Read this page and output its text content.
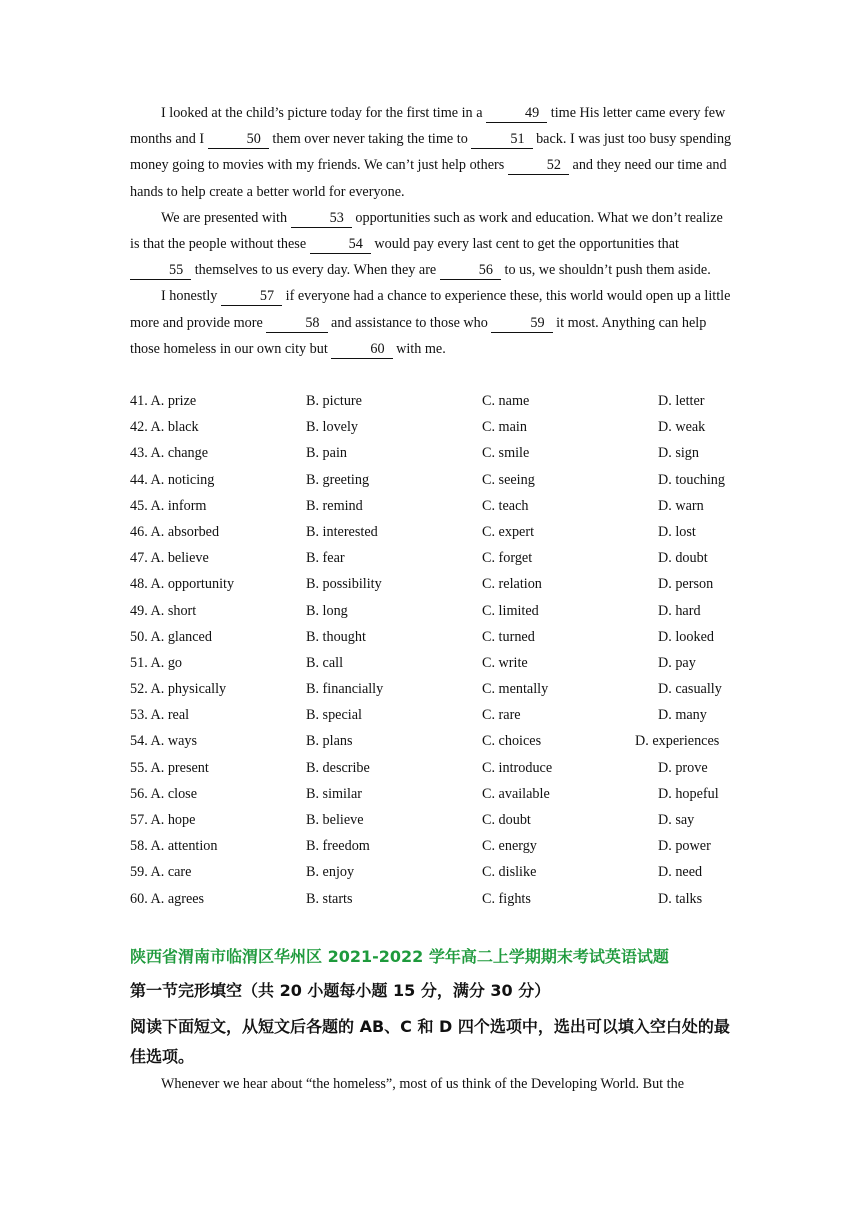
I looked at the child’s picture today for the first time in a	49 time His letter came every few months and I	50 them over never taking the time to	51 back. I was just too busy spending money going to movies with my friends. We can’t just help others	52 and they need our time and hands to help create a better world for everyone.

We are presented with	53 opportunities such as work and education. What we don’t realize is that the people without these	54 would pay every last cent to get the opportunities that 55 themselves to us every day. When they are	56 to us, we shouldn’t push them aside.

I honestly	57 if everyone had a chance to experience these, this world would open up a little more and provide more	58 and assistance to those who	59 it most. Anything can help those homeless in our own city but	60 with me.

41. A. prize	B. picture	C. name	D. letter
42. A. black	B. lovely	C. main	D. weak
43. A. change	B. pain	C. smile	D. sign
44. A. noticing	B. greeting	C. seeing	D. touching
45. A. inform	B. remind	C. teach	D. warn
46. A. absorbed	B. interested	C. expert	D. lost
47. A. believe	B. fear	C. forget	D. doubt
48. A. opportunity	B. possibility	C. relation	D. person
49. A. short	B. long	C. limited	D. hard
50. A. glanced	B. thought	C. turned	D. looked
51. A. go	B. call	C. write	D. pay
52. A. physically	B. financially	C. mentally	D. casually
53. A. real	B. special	C. rare	D. many
54. A. ways	B. plans	C. choices	D. experiences
55. A. present	B. describe	C. introduce	D. prove
56. A. close	B. similar	C. available	D. hopeful
57. A. hope	B. believe	C. doubt	D. say
58. A. attention	B. freedom	C. energy	D. power
59. A. care	B. enjoy	C. dislike	D. need
60. A. agrees	B. starts	C. fights	D. talks
陕西省渭南市临渭区华州区 2021-2022 学年高二上学期期末考试英语试题
第一节完形填空（共 20 小题每小题 15 分，满分 30 分）
阅读下面短文，从短文后各题的 AB、C 和 D 四个选项中，选出可以填入空白处的最佳选项。
Whenever we hear about “the homeless”, most of us think of the Developing World. But the
